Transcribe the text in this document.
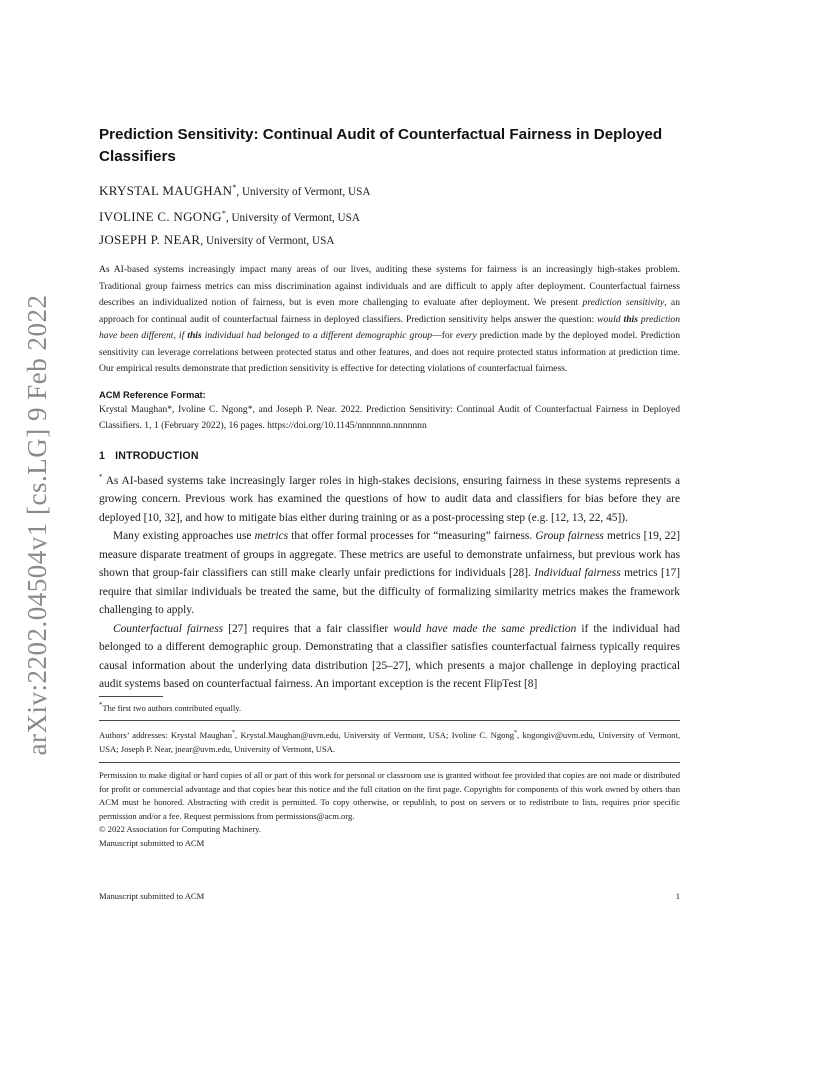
arXiv:2202.04504v1 [cs.LG] 9 Feb 2022
Prediction Sensitivity: Continual Audit of Counterfactual Fairness in Deployed Classifiers

KRYSTAL MAUGHAN*, University of Vermont, USA

IVOLINE C. NGONG*, University of Vermont, USA

JOSEPH P. NEAR, University of Vermont, USA

As AI-based systems increasingly impact many areas of our lives, auditing these systems for fairness is an increasingly high-stakes problem. Traditional group fairness metrics can miss discrimination against individuals and are difficult to apply after deployment. Counterfactual fairness describes an individualized notion of fairness, but is even more challenging to evaluate after deployment. We present prediction sensitivity, an approach for continual audit of counterfactual fairness in deployed classifiers. Prediction sensitivity helps answer the question: would this prediction have been different, if this individual had belonged to a different demographic group—for every prediction made by the deployed model. Prediction sensitivity can leverage correlations between protected status and other features, and does not require protected status information at prediction time. Our empirical results demonstrate that prediction sensitivity is effective for detecting violations of counterfactual fairness.

ACM Reference Format:

Krystal Maughan*, Ivoline C. Ngong*, and Joseph P. Near. 2022. Prediction Sensitivity: Continual Audit of Counterfactual Fairness in Deployed Classifiers. 1, 1 (February 2022), 16 pages. https://doi.org/10.1145/nnnnnnn.nnnnnnn

1 INTRODUCTION

* As AI-based systems take increasingly larger roles in high-stakes decisions, ensuring fairness in these systems represents a growing concern. Previous work has examined the questions of how to audit data and classifiers for bias before they are deployed [10, 32], and how to mitigate bias either during training or as a post-processing step (e.g. [12, 13, 22, 45]).

Many existing approaches use metrics that offer formal processes for “measuring” fairness. Group fairness metrics [19, 22] measure disparate treatment of groups in aggregate. These metrics are useful to demonstrate unfairness, but previous work has shown that group-fair classifiers can still make clearly unfair predictions for individuals [28]. Individual fairness metrics [17] require that similar individuals be treated the same, but the difficulty of formalizing similarity metrics makes the framework challenging to apply.

Counterfactual fairness [27] requires that a fair classifier would have made the same prediction if the individual had belonged to a different demographic group. Demonstrating that a classifier satisfies counterfactual fairness typically requires causal information about the underlying data distribution [25–27], which presents a major challenge in deploying practical audit systems based on counterfactual fairness. An important exception is the recent FlipTest [8]

*The first two authors contributed equally.

Authors’ addresses: Krystal Maughan*, Krystal.Maughan@uvm.edu, University of Vermont, USA; Ivoline C. Ngong*, kngongiv@uvm.edu, University of Vermont, USA; Joseph P. Near, jnear@uvm.edu, University of Vermont, USA.

Permission to make digital or hard copies of all or part of this work for personal or classroom use is granted without fee provided that copies are not made or distributed for profit or commercial advantage and that copies bear this notice and the full citation on the first page. Copyrights for components of this work owned by others than ACM must be honored. Abstracting with credit is permitted. To copy otherwise, or republish, to post on servers or to redistribute to lists, requires prior specific permission and/or a fee. Request permissions from permissions@acm.org.

© 2022 Association for Computing Machinery.

Manuscript submitted to ACM

Manuscript submitted to ACM	1
